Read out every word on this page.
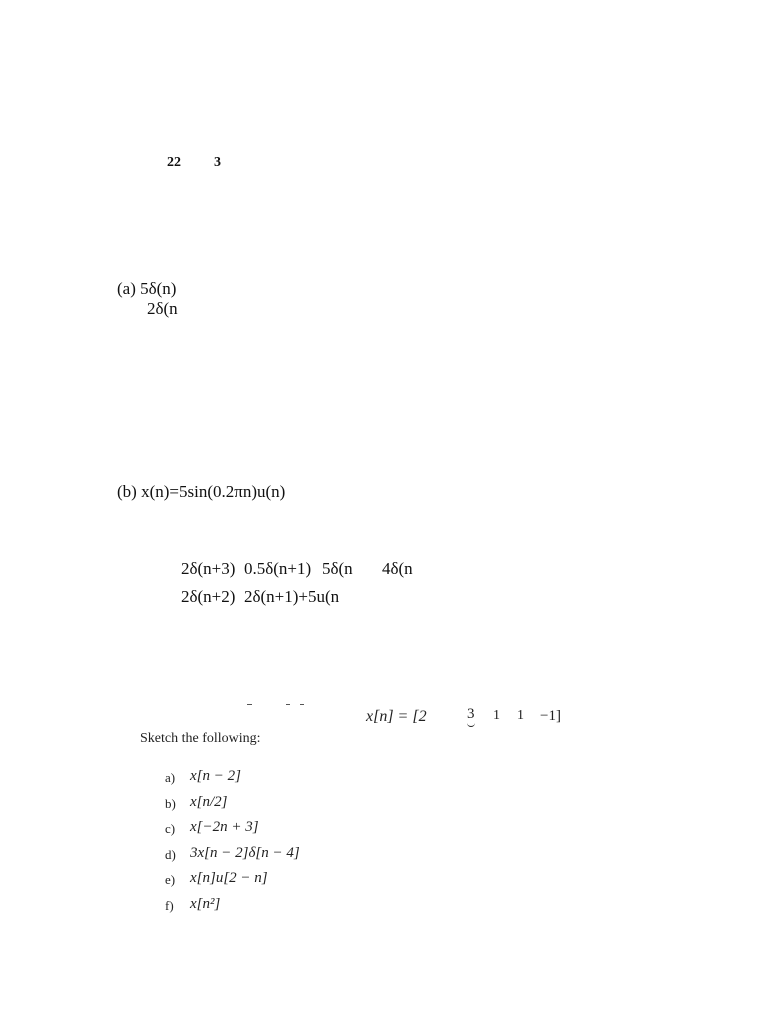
22 3
(a) 5δ(n)
2δ(n
(b) x(n)=5sin(0.2πn)u(n)
2δ(n+3) 0.5δ(n+1) 5δ(n 4δ(n
2δ(n+2) 2δ(n+1)+5u(n
x[n] = [2	3 1 1 −1]
Sketch the following:
a) x[n − 2]
b) x[n/2]
c) x[−2n + 3]
d) 3x[n − 2]δ[n − 4]
e) x[n]u[2 − n]
f) x[n²]
